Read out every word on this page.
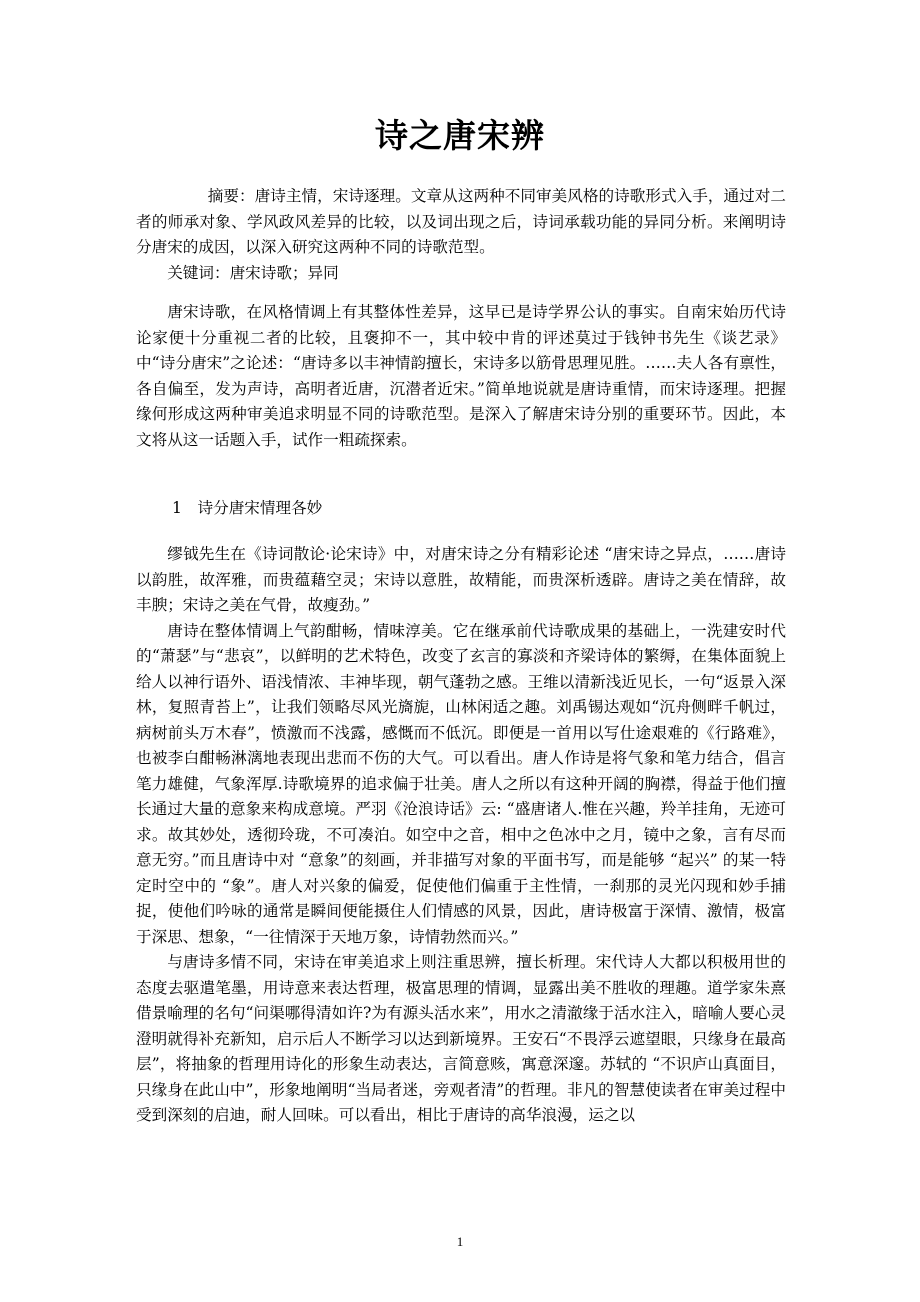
诗之唐宋辨

摘要：唐诗主情，宋诗逐理。文章从这两种不同审美风格的诗歌形式入手，通过对二者的师承对象、学风政风差异的比较，以及词出现之后，诗词承载功能的异同分析。来阐明诗分唐宋的成因，以深入研究这两种不同的诗歌范型。

关键词：唐宋诗歌；异同

唐宋诗歌，在风格情调上有其整体性差异，这早已是诗学界公认的事实。自南宋始历代诗论家便十分重视二者的比较，且褒抑不一，其中较中肯的评述莫过于钱钟书先生《谈艺录》中“诗分唐宋”之论述：“唐诗多以丰神情韵擅长，宋诗多以筋骨思理见胜。……夫人各有禀性，各自偏至，发为声诗，高明者近唐，沉潜者近宋。”简单地说就是唐诗重情，而宋诗逐理。把握缘何形成这两种审美追求明显不同的诗歌范型。是深入了解唐宋诗分别的重要环节。因此，本文将从这一话题入手，试作一粗疏探索。

1　诗分唐宋情理各妙

缪钺先生在《诗词散论·论宋诗》中，对唐宋诗之分有精彩论述 “唐宋诗之异点，……唐诗以韵胜，故浑雅，而贵蕴藉空灵；宋诗以意胜，故精能，而贵深析透辟。唐诗之美在情辞，故丰腴；宋诗之美在气骨，故瘦劲。”

唐诗在整体情调上气韵酣畅，情味淳美。它在继承前代诗歌成果的基础上，一洗建安时代的“萧瑟”与“悲哀”，以鲜明的艺术特色，改变了玄言的寡淡和齐梁诗体的繁缛，在集体面貌上给人以神行语外、语浅情浓、丰神毕现，朝气蓬勃之感。王维以清新浅近见长，一句“返景入深林，复照青苔上”，让我们领略尽风光旖旎，山林闲适之趣。刘禹锡达观如“沉舟侧畔千帆过，病树前头万木春”，愤激而不浅露，感慨而不低沉。即便是一首用以写仕途艰难的《行路难》，也被李白酣畅淋漓地表现出悲而不伤的大气。可以看出。唐人作诗是将气象和笔力结合，倡言笔力雄健，气象浑厚.诗歌境界的追求偏于壮美。唐人之所以有这种开阔的胸襟，得益于他们擅长通过大量的意象来构成意境。严羽《沧浪诗话》云: “盛唐诸人.惟在兴趣，羚羊挂角，无迹可求。故其妙处，透彻玲珑，不可凑泊。如空中之音，相中之色冰中之月，镜中之象，言有尽而意无穷。”而且唐诗中对 “意象”的刻画，并非描写对象的平面书写，而是能够 “起兴” 的某一特定时空中的 “象”。唐人对兴象的偏爱，促使他们偏重于主性情，一刹那的灵光闪现和妙手捕捉，使他们吟咏的通常是瞬间便能摄住人们情感的风景，因此，唐诗极富于深情、激情，极富于深思、想象，“一往情深于天地万象，诗情勃然而兴。”

与唐诗多情不同，宋诗在审美追求上则注重思辨，擅长析理。宋代诗人大都以积极用世的态度去驱遣笔墨，用诗意来表达哲理，极富思理的情调，显露出美不胜收的理趣。道学家朱熹借景喻理的名句“问渠哪得清如许?为有源头活水来”，用水之清澈缘于活水注入，暗喻人要心灵澄明就得补充新知，启示后人不断学习以达到新境界。王安石“不畏浮云遮望眼，只缘身在最高层”，将抽象的哲理用诗化的形象生动表达，言简意赅，寓意深邃。苏轼的 “不识庐山真面目，只缘身在此山中”，形象地阐明“当局者迷，旁观者清”的哲理。非凡的智慧使读者在审美过程中受到深刻的启迪，耐人回味。可以看出，相比于唐诗的高华浪漫，运之以

1
